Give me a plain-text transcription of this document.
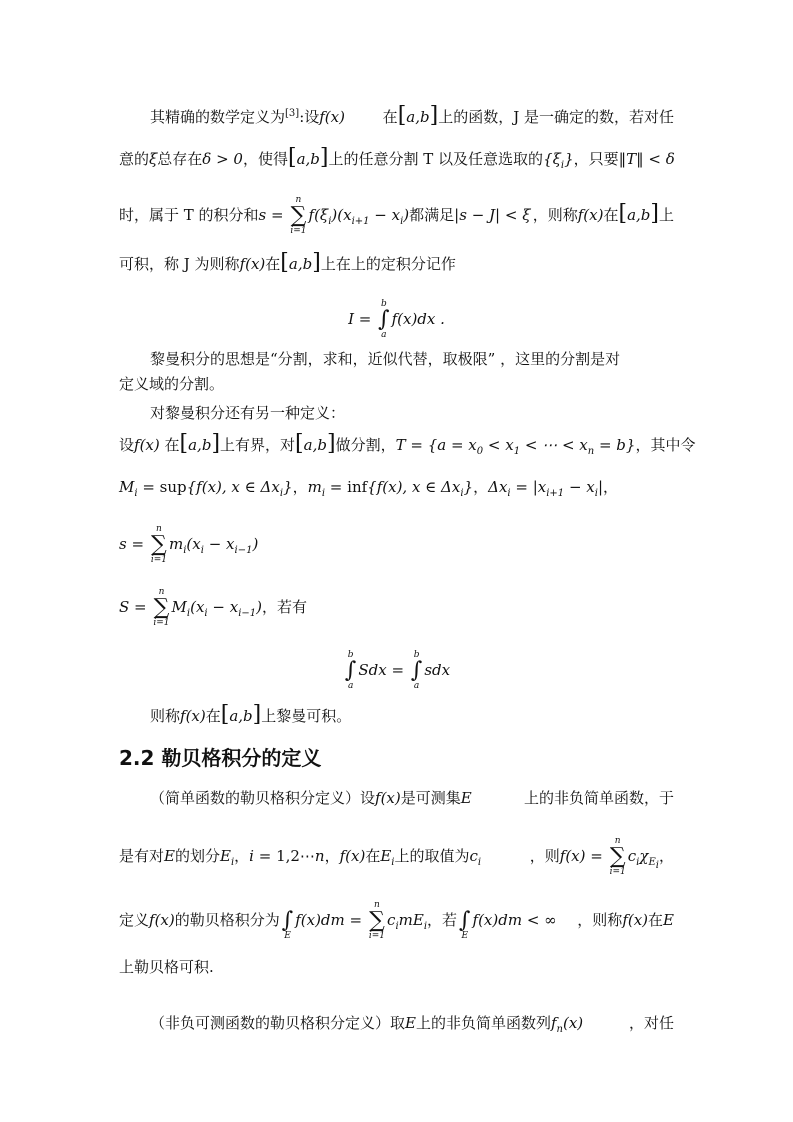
其精确的数学定义为[3]:设f(x)	在[a,b]上的函数，J 是一确定的数，若对任
意的ξ总存在δ > 0，使得[a,b] 上的任意分割 T 以及任意选取的$\{\xi_i\}$，只要‖T‖ < δ
时，属于 T 的积分和s =
n
∑
i=1
$f(\xi_i)(x_{i+1} - x_i)$都满足|s − J| < ξ ，则称f(x)在[a,b]上
可积，称 J 为则称f(x)在[a,b]上在上的定积分记作
I =
b
∫
a
f(x)dx .
黎曼积分的思想是“分割，求和，近似代替，取极限” ，这里的分割是对
定义域的分割。
对黎曼积分还有另一种定义：
设f(x) 在[a,b]上有界，对[a,b]做分割， $T = \{a = x_0 < x_1$ < ⋯ < $x_n = b$}，其中令
$M_i = sup\{f(x)$, x ∈ $\Delta x_i$}，$m_i = inf\{f(x)$, x ∈ $\Delta x_i$}，$\Delta x_i = |x_{i+1} - x_i|$，
s =
n
∑
i=1
$m_i(x_i - x_{i-1})$
S =
n
∑
i=1
$M_i(x_i - x_{i-1})$，若有
b
∫
a
Sdx =
b
∫
a
sdx
则称f(x)在[a,b]上黎曼可积。
2.2 勒贝格积分的定义
（简单函数的勒贝格积分定义）设f(x)是可测集E	上的非负简单函数，于
是有对E的划分$E_i$，i = 1,2⋯n，f(x)在$E_i$上的取值为$c_i$	，则f(x) =
n
∑
i=1
$c_i\chi_{E_i}$，
定义f(x)的勒贝格积分为
∫
E
f(x)dm =
n
∑
i=1
$c_imE_i$，若
∫
E
f(x)dm < ∞ ，则称f(x)在E
上勒贝格可积.
（非负可测函数的勒贝格积分定义）取E上的非负简单函数列$f_n(x)$	，对任
